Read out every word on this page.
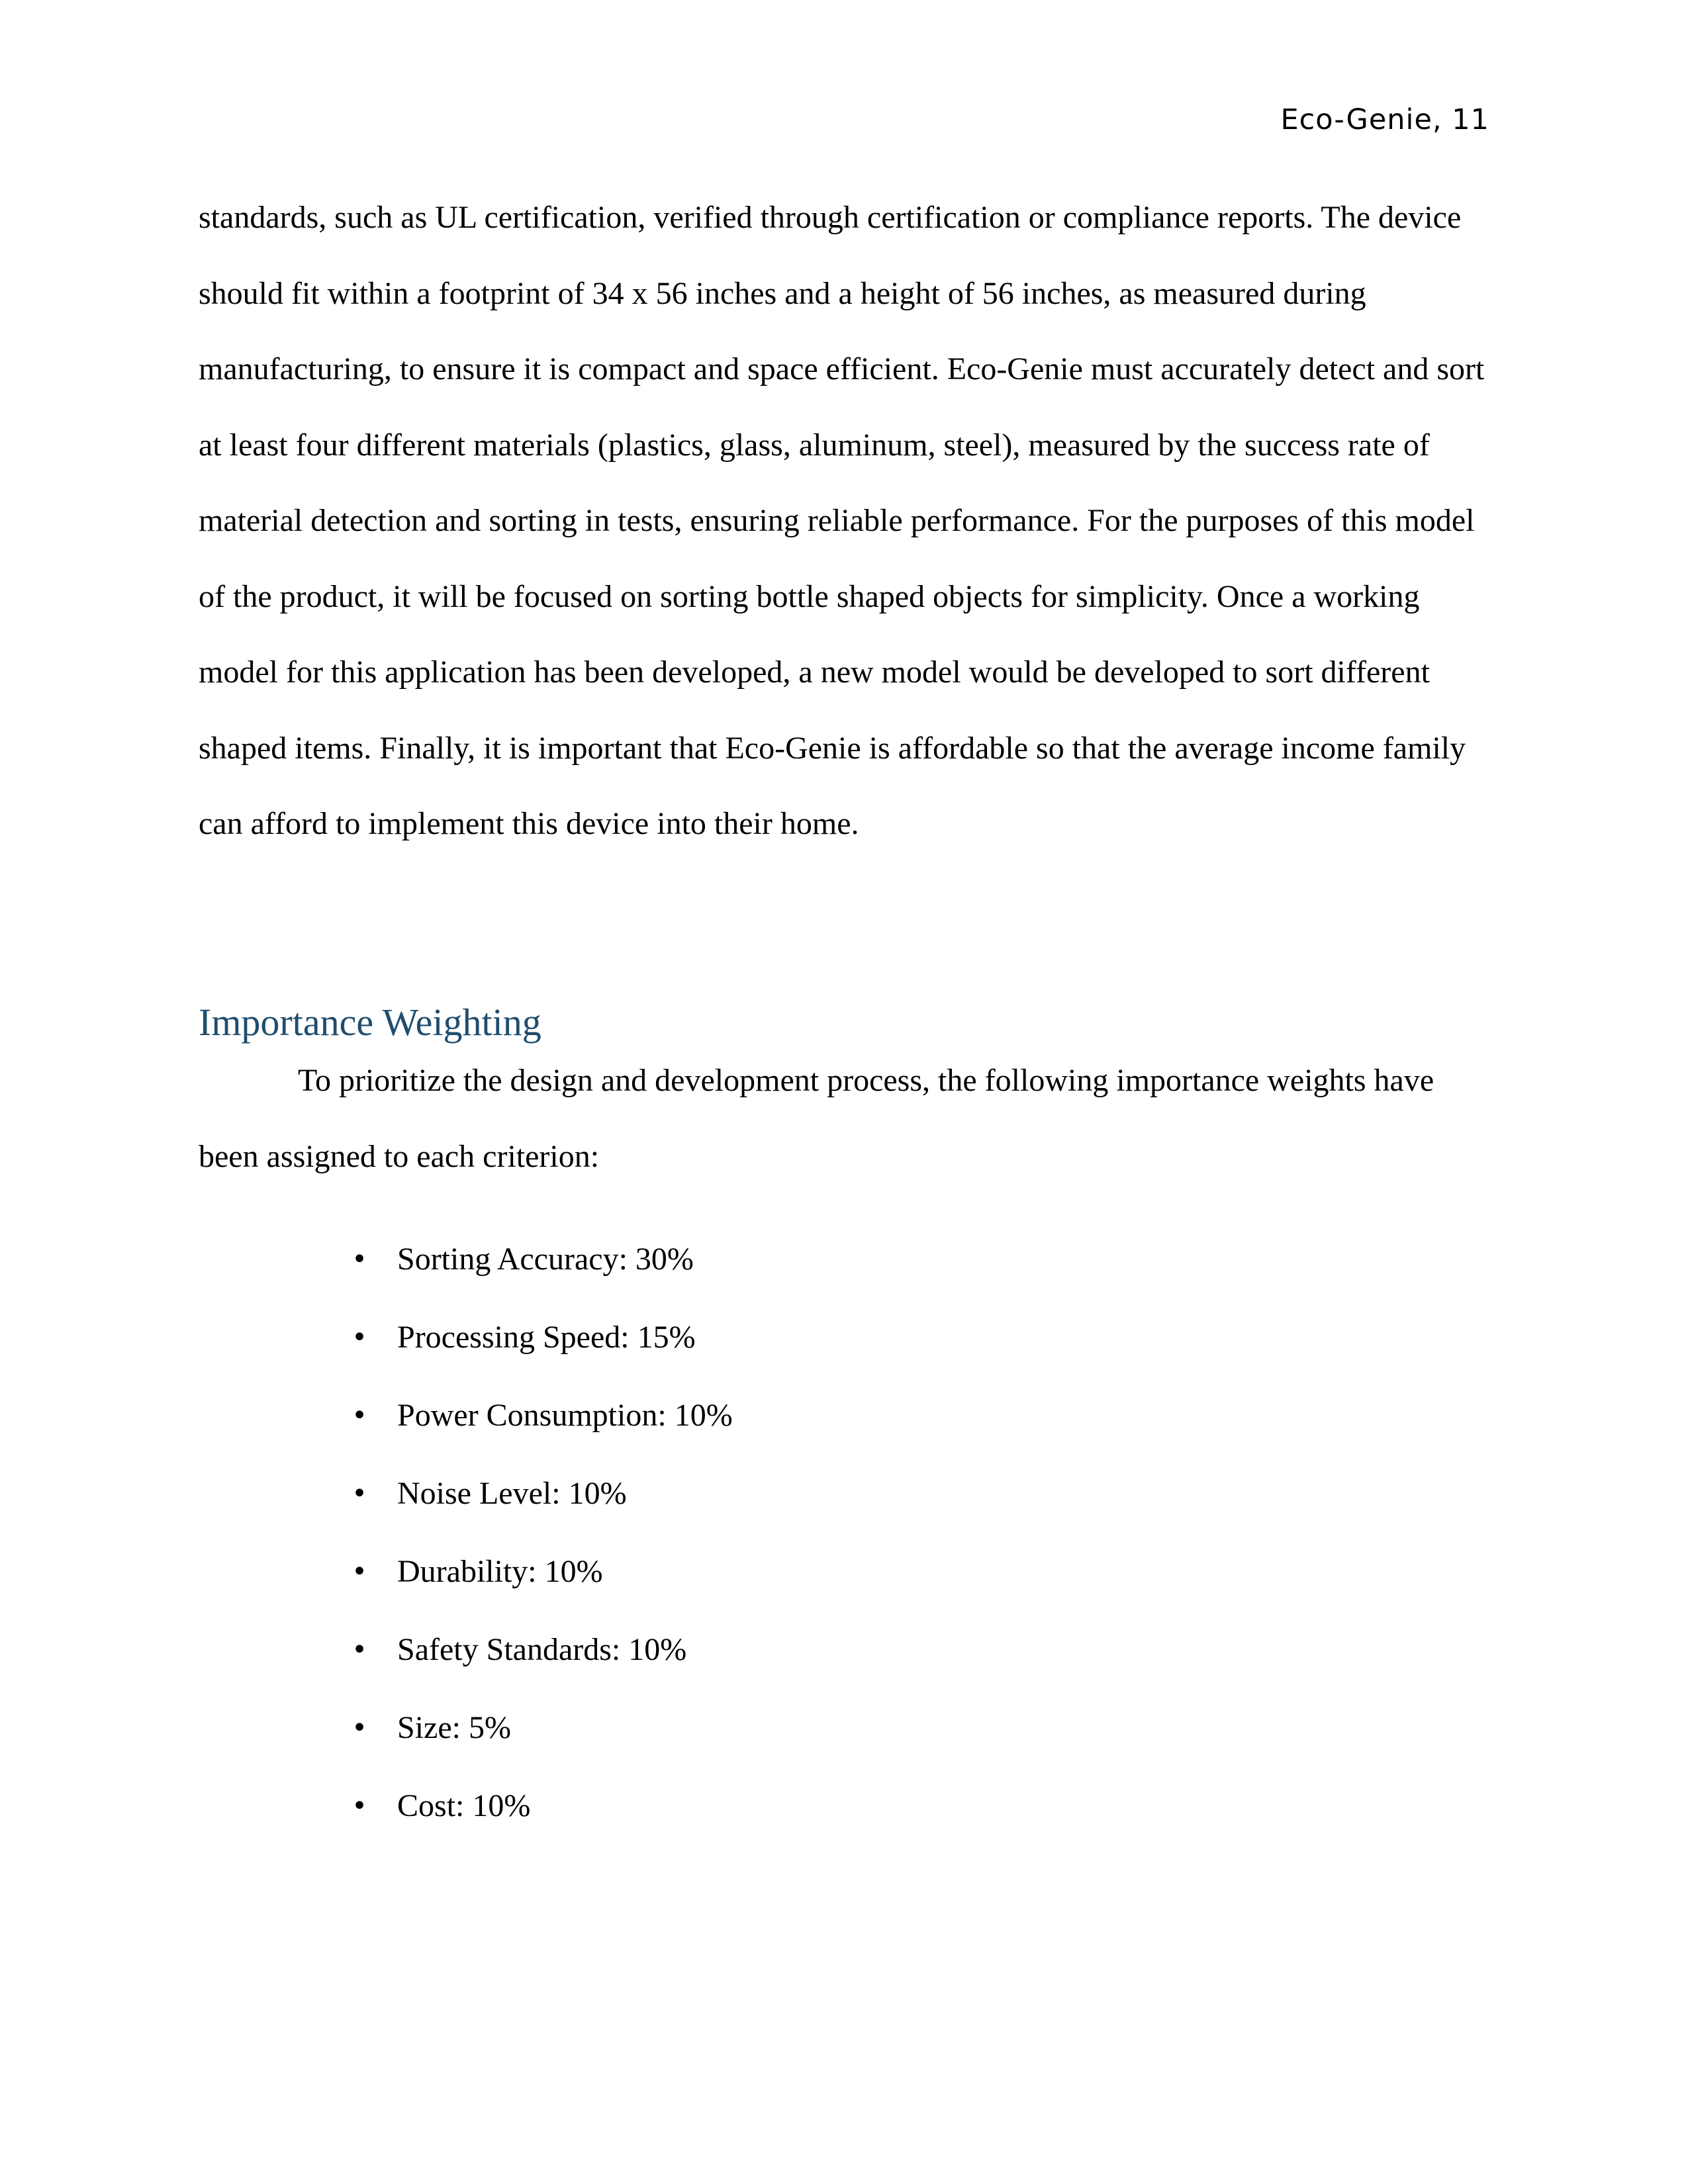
Eco-Genie, 11

standards, such as UL certification, verified through certification or compliance reports. The device should fit within a footprint of 34 x 56 inches and a height of 56 inches, as measured during manufacturing, to ensure it is compact and space efficient. Eco-Genie must accurately detect and sort at least four different materials (plastics, glass, aluminum, steel), measured by the success rate of material detection and sorting in tests, ensuring reliable performance. For the purposes of this model of the product, it will be focused on sorting bottle shaped objects for simplicity. Once a working model for this application has been developed, a new model would be developed to sort different shaped items. Finally, it is important that Eco-Genie is affordable so that the average income family can afford to implement this device into their home.

Importance Weighting

To prioritize the design and development process, the following importance weights have been assigned to each criterion:

• Sorting Accuracy: 30%
• Processing Speed: 15%
• Power Consumption: 10%
• Noise Level: 10%
• Durability: 10%
• Safety Standards: 10%
• Size: 5%
• Cost: 10%
